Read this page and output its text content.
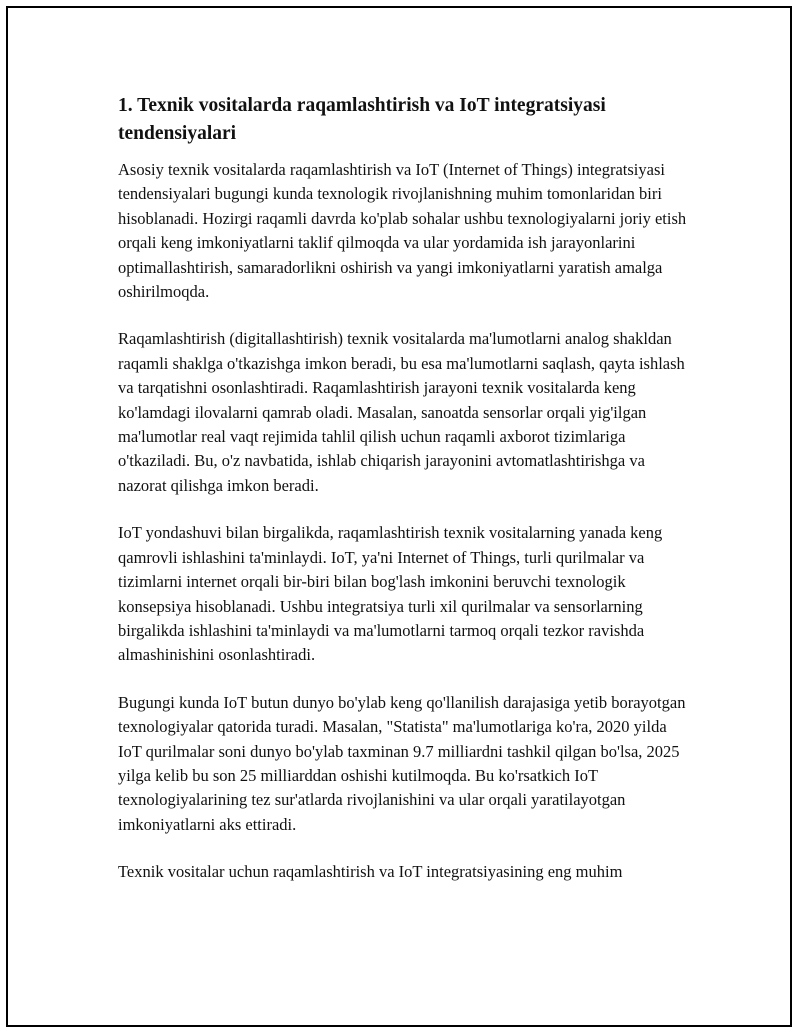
1. Texnik vositalarda raqamlashtirish va IoT integratsiyasi tendensiyalari

Asosiy texnik vositalarda raqamlashtirish va IoT (Internet of Things) integratsiyasi tendensiyalari bugungi kunda texnologik rivojlanishning muhim tomonlaridan biri hisoblanadi. Hozirgi raqamli davrda ko'plab sohalar ushbu texnologiyalarni joriy etish orqali keng imkoniyatlarni taklif qilmoqda va ular yordamida ish jarayonlarini optimallashtirish, samaradorlikni oshirish va yangi imkoniyatlarni yaratish amalga oshirilmoqda.

Raqamlashtirish (digitallashtirish) texnik vositalarda ma'lumotlarni analog shakldan raqamli shaklga o'tkazishga imkon beradi, bu esa ma'lumotlarni saqlash, qayta ishlash va tarqatishni osonlashtiradi. Raqamlashtirish jarayoni texnik vositalarda keng ko'lamdagi ilovalarni qamrab oladi. Masalan, sanoatda sensorlar orqali yig'ilgan ma'lumotlar real vaqt rejimida tahlil qilish uchun raqamli axborot tizimlariga o'tkaziladi. Bu, o'z navbatida, ishlab chiqarish jarayonini avtomatlashtirishga va nazorat qilishga imkon beradi.

IoT yondashuvi bilan birgalikda, raqamlashtirish texnik vositalarning yanada keng qamrovli ishlashini ta'minlaydi. IoT, ya'ni Internet of Things, turli qurilmalar va tizimlarni internet orqali bir-biri bilan bog'lash imkonini beruvchi texnologik konsepsiya hisoblanadi. Ushbu integratsiya turli xil qurilmalar va sensorlarning birgalikda ishlashini ta'minlaydi va ma'lumotlarni tarmoq orqali tezkor ravishda almashinishini osonlashtiradi.

Bugungi kunda IoT butun dunyo bo'ylab keng qo'llanilish darajasiga yetib borayotgan texnologiyalar qatorida turadi. Masalan, "Statista" ma'lumotlariga ko'ra, 2020 yilda IoT qurilmalar soni dunyo bo'ylab taxminan 9.7 milliardni tashkil qilgan bo'lsa, 2025 yilga kelib bu son 25 milliarddan oshishi kutilmoqda. Bu ko'rsatkich IoT texnologiyalarining tez sur'atlarda rivojlanishini va ular orqali yaratilayotgan imkoniyatlarni aks ettiradi.

Texnik vositalar uchun raqamlashtirish va IoT integratsiyasining eng muhim
